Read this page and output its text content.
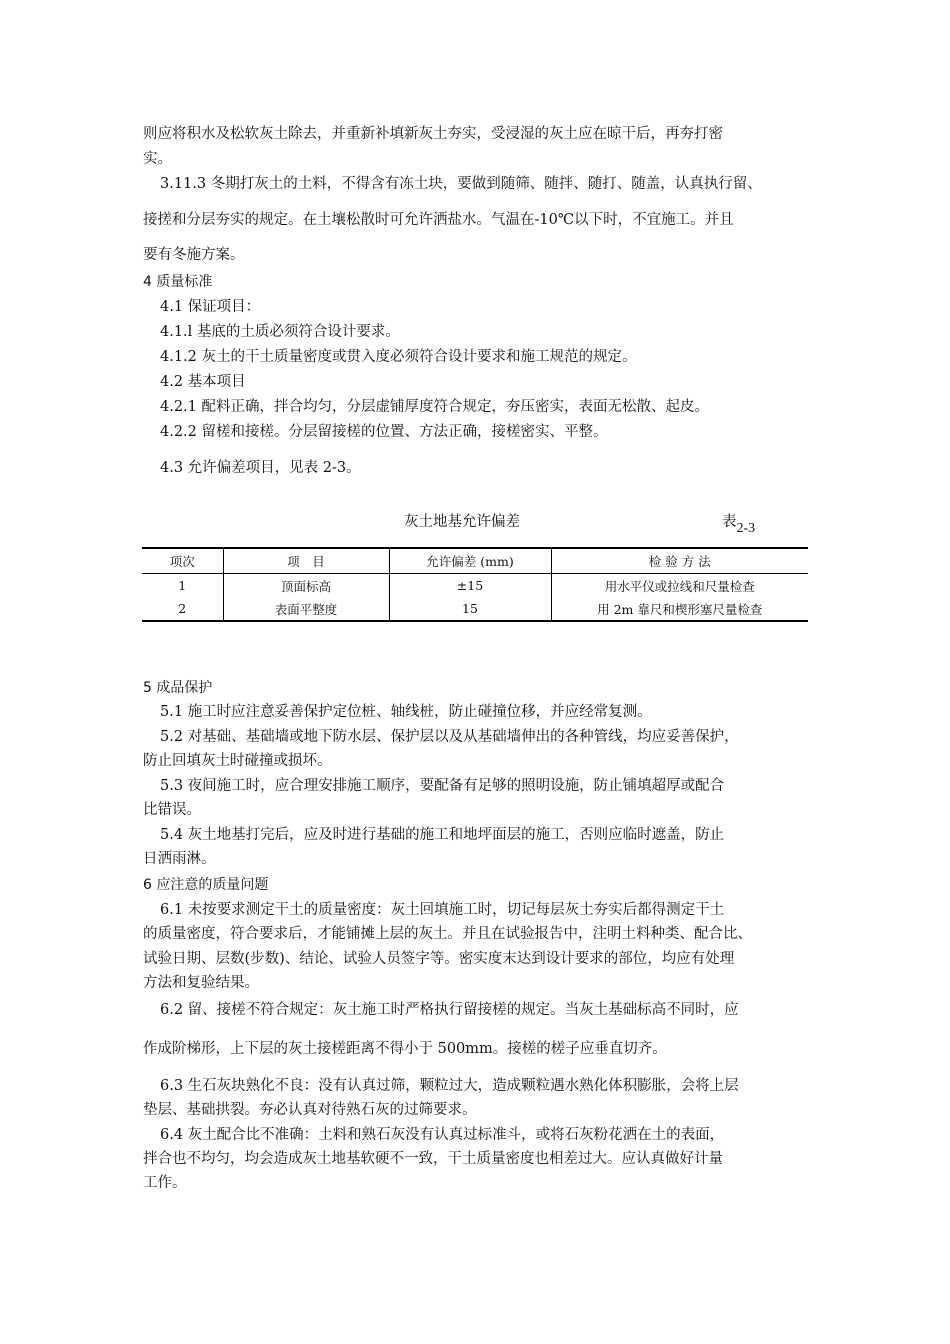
则应将积水及松软灰土除去，并重新补填新灰土夯实，受浸湿的灰土应在晾干后，再夯打密
实。
3.11.3 冬期打灰土的土料，不得含有冻土块，要做到随筛、随拌、随打、随盖，认真执行留、
接搓和分层夯实的规定。在土壤松散时可允许洒盐水。气温在-10℃以下时，不宜施工。并且
要有冬施方案。
4 质量标准
4.1 保证项目：
4.1.l 基底的土质必须符合设计要求。
4.1.2 灰土的干土质量密度或贯入度必须符合设计要求和施工规范的规定。
4.2 基本项目
4.2.1 配料正确，拌合均匀，分层虚铺厚度符合规定，夯压密实，表面无松散、起皮。
4.2.2 留槎和接槎。分层留接槎的位置、方法正确，接槎密实、平整。
4.3 允许偏差项目，见表 2-3。
灰土地基允许偏差	表$_{2-3}$
项次	项　目	允许偏差 (mm)	检 验 方 法
1	顶面标高	±15	用水平仪或拉线和尺量检查
2	表面平整度	15	用 2m 靠尺和楔形塞尺量检查
5 成品保护
5.1 施工时应注意妥善保护定位桩、轴线桩，防止碰撞位移，并应经常复测。
5.2 对基础、基础墙或地下防水层、保护层以及从基础墙伸出的各种管线，均应妥善保护，
防止回填灰土时碰撞或损坏。
5.3 夜间施工时，应合理安排施工顺序，要配备有足够的照明设施，防止铺填超厚或配合
比错误。
5.4 灰土地基打完后，应及时进行基础的施工和地坪面层的施工，否则应临时遮盖，防止
日洒雨淋。
6 应注意的质量问题
6.1 未按要求测定干土的质量密度：灰土回填施工时，切记每层灰土夯实后都得测定干土
的质量密度，符合要求后，才能铺摊上层的灰土。并且在试验报告中，注明土料种类、配合比、
试验日期、层数(步数)、结论、试验人员签字等。密实度末达到设计要求的部位，均应有处理
方法和复验结果。
6.2 留、接槎不符合规定：灰土施工时严格执行留接槎的规定。当灰土基础标高不同时，应
作成阶梯形，上下层的灰土接槎距离不得小于 500mm。接槎的槎子应垂直切齐。
6.3 生石灰块熟化不良：没有认真过筛，颗粒过大，造成颗粒遇水熟化体积膨胀，会将上层
垫层、基础拱裂。夯必认真对待熟石灰的过筛要求。
6.4 灰土配合比不准确：土料和熟石灰没有认真过标准斗，或将石灰粉花洒在土的表面，
拌合也不均匀，均会造成灰土地基软硬不一致，干土质量密度也相差过大。应认真做好计量
工作。
